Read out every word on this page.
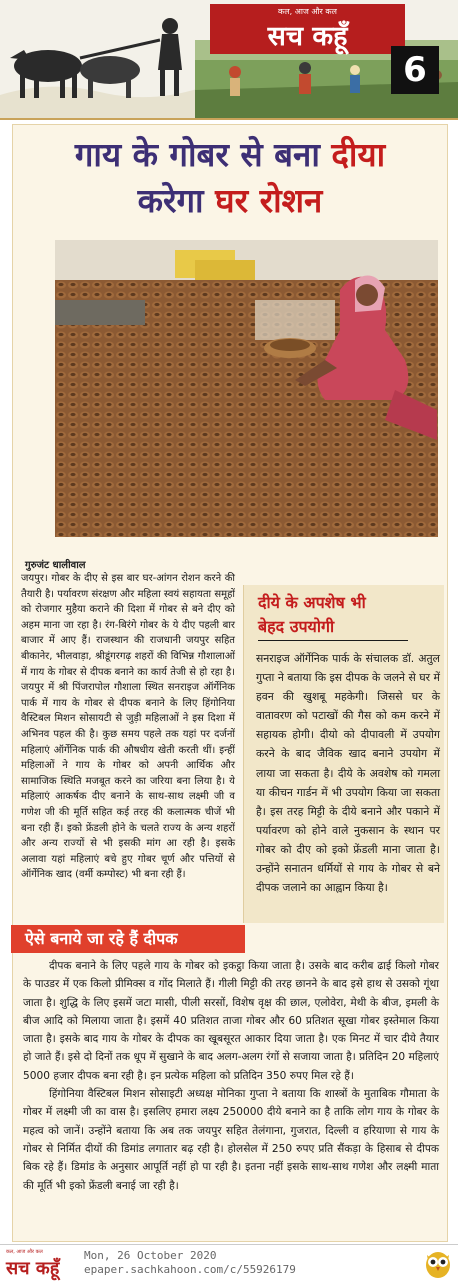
कल, आज और कल
सच कहूँ
6
गाय के गोबर से बना दीया
करेगा घर रोशन
गुरुजंट धालीवाल
जयपुर। गोबर के दीए से इस बार घर-आंगन रोशन करने की तैयारी है। पर्यावरण संरक्षण और महिला स्वयं सहायता समूहों को रोजगार मुहैया कराने की दिशा में गोबर से बने दीए को अहम माना जा रहा है। रंग-बिरंगे गोबर के ये दीए पहली बार बाजार में आए हैं। राजस्थान की राजधानी जयपुर सहित बीकानेर, भीलवाड़ा, श्रीडूंगरगढ़ शहरों की विभिन्न गौशालाओं में गाय के गोबर से दीपक बनाने का कार्य तेजी से हो रहा है। जयपुर में श्री पिंजरापोल गौशाला स्थित सनराइज ऑर्गेनिक पार्क में गाय के गोबर से दीपक बनाने के लिए हिंगोनिया वैस्टिबल मिशन सोसायटी से जुड़ी महिलाओं ने इस दिशा में अभिनव पहल की है। कुछ समय पहले तक यहां पर दर्जनों महिलाएं ऑर्गेनिक पार्क की औषधीय खेती करती थीं। इन्हीं महिलाओं ने गाय के गोबर को अपनी आर्थिक और सामाजिक स्थिति मजबूत करने का जरिया बना लिया है। ये महिलाएं आकर्षक दीए बनाने के साथ-साथ लक्ष्मी जी व गणेश जी की मूर्ति सहित कई तरह की कलात्मक चीजें भी बना रही हैं। इको फ्रेंडली होने के चलते राज्य के अन्य शहरों और अन्य राज्यों से भी इसकी मांग आ रही है। इसके अलावा यहां महिलाएं बचे हुए गोबर चूर्ण और पत्तियों से ऑर्गेनिक खाद (वर्मी कम्पोस्ट) भी बना रही हैं।
दीये के अपशेष भी
बेहद उपयोगी
सनराइज ऑर्गेनिक पार्क के संचालक डॉ. अतुल गुप्ता ने बताया कि इस दीपक के जलने से घर में हवन की खुशबू महकेगी। जिससे घर के वातावरण को पटाखों की गैस को कम करने में सहायक होगी। दीयो को दीपावली में उपयोग करने के बाद जैविक खाद बनाने उपयोग में लाया जा सकता है। दीये के अवशेष को गमला या कीचन गार्डन में भी उपयोग किया जा सकता है। इस तरह मिट्टी के दीये बनाने और पकाने में पर्यावरण को होने वाले नुकसान के स्थान पर गोबर को दीए को इको फ्रेंडली माना जाता है। उन्होंने सनातन धर्मियों से गाय के गोबर से बने दीपक जलाने का आह्वान किया है।
ऐसे बनाये जा रहे हैं दीपक

दीपक बनाने के लिए पहले गाय के गोबर को इकट्ठा किया जाता है। उसके बाद करीब ढाई किलो गोबर के पाउडर में एक किलो प्रीमिक्स व गोंद मिलाते हैं। गीली मिट्टी की तरह छानने के बाद इसे हाथ से उसको गूंथा जाता है। शुद्धि के लिए इसमें जटा मासी, पीली सरसों, विशेष वृक्ष की छाल, एलोवेरा, मेथी के बीज, इमली के बीज आदि को मिलाया जाता है। इसमें 40 प्रतिशत ताजा गोबर और 60 प्रतिशत सूखा गोबर इस्तेमाल किया जाता है। इसके बाद गाय के गोबर के दीपक का खूबसूरत आकार दिया जाता है। एक मिनट में चार दीये तैयार हो जाते हैं। इसे दो दिनों तक धूप में सुखाने के बाद अलग-अलग रंगों से सजाया जाता है। प्रतिदिन 20 महिलाएं 5000 हजार दीपक बना रही है। इन प्रत्येक महिला को प्रतिदिन 350 रुपए मिल रहे हैं।

हिंगोनिया वैस्टिबल मिशन सोसाइटी अध्यक्ष मोनिका गुप्ता ने बताया कि शास्त्रों के मुताबिक गौमाता के गोबर में लक्ष्मी जी का वास है। इसलिए हमारा लक्ष्य 250000 दीये बनाने का है ताकि लोग गाय के गोबर के महत्व को जानें। उन्होंने बताया कि अब तक जयपुर सहित तेलंगाना, गुजरात, दिल्ली व हरियाणा से गाय के गोबर से निर्मित दीयों की डिमांड लगातार बढ़ रही है। होलसेल में 250 रुपए प्रति सैंकड़ा के हिसाब से दीपक बिक रहे हैं। डिमांड के अनुसार आपूर्ति नहीं हो पा रही है। इतना नहीं इसके साथ-साथ गणेश और लक्ष्मी माता की मूर्ति भी इको फ्रेंडली बनाई जा रही है।

कल, आज और कल
सच कहूँ
Mon, 26 October 2020
epaper.sachkahoon.com/c/55926179
